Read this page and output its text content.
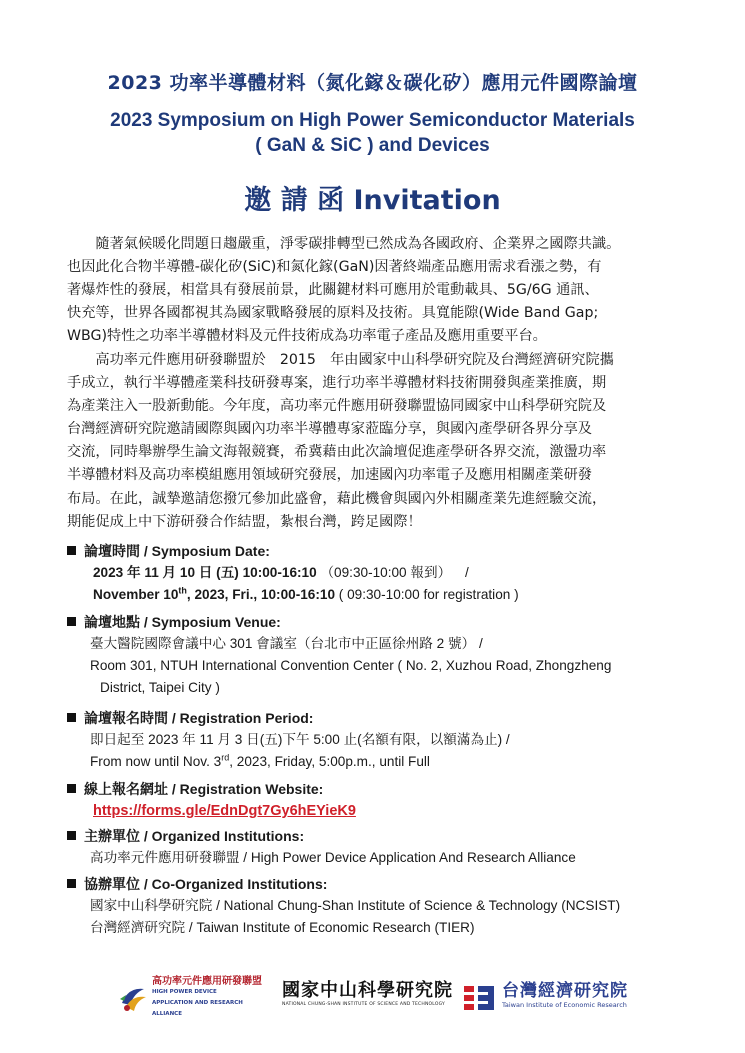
2023 功率半導體材料（氮化鎵＆碳化矽）應用元件國際論壇
2023 Symposium on High Power Semiconductor Materials
( GaN & SiC ) and Devices
邀 請 函 Invitation
　　隨著氣候暖化問題日趨嚴重，淨零碳排轉型已然成為各國政府、企業界之國際共識。
也因此化合物半導體-碳化矽(SiC)和氮化鎵(GaN)因著終端產品應用需求看漲之勢，有
著爆炸性的發展，相當具有發展前景，此關鍵材料可應用於電動載具、5G/6G 通訊、
快充等，世界各國都視其為國家戰略發展的原料及技術。具寬能隙(Wide Band Gap;
WBG)特性之功率半導體材料及元件技術成為功率電子產品及應用重要平台。
　　高功率元件應用研發聯盟於　2015　年由國家中山科學研究院及台灣經濟研究院攜
手成立，執行半導體產業科技研發專案，進行功率半導體材料技術開發與產業推廣，期
為產業注入一股新動能。今年度，高功率元件應用研發聯盟協同國家中山科學研究院及
台灣經濟研究院邀請國際與國內功率半導體專家蒞臨分享，與國內產學研各界分享及
交流，同時舉辦學生論文海報競賽，希冀藉由此次論壇促進產學研各界交流，激盪功率
半導體材料及高功率模組應用領域研究發展，加速國內功率電子及應用相關產業研發
布局。在此，誠摯邀請您撥冗參加此盛會，藉此機會與國內外相關產業先進經驗交流，
期能促成上中下游研發合作結盟，紮根台灣，跨足國際！
論壇時間 / Symposium Date:
2023 年 11 月 10 日 (五) 10:00-16:10 （09:30-10:00 報到） /
November 10th, 2023, Fri., 10:00-16:10 ( 09:30-10:00 for registration )
論壇地點 / Symposium Venue:
臺大醫院國際會議中心 301 會議室（台北市中正區徐州路 2 號） /
Room 301, NTUH International Convention Center ( No. 2, Xuzhou Road, Zhongzheng
District, Taipei City )
論壇報名時間 / Registration Period:
即日起至 2023 年 11 月 3 日(五)下午 5:00 止(名額有限，以額滿為止) /
From now until Nov. 3rd, 2023, Friday, 5:00p.m., until Full
線上報名網址 / Registration Website:
https://forms.gle/EdnDgt7Gy6hEYieK9
主辦單位 / Organized Institutions:
高功率元件應用研發聯盟 / High Power Device Application And Research Alliance
協辦單位 / Co-Organized Institutions:
國家中山科學研究院 / National Chung-Shan Institute of Science & Technology (NCSIST)
台灣經濟研究院 / Taiwan Institute of Economic Research (TIER)
高功率元件應用研發聯盟
HIGH POWER DEVICE
APPLICATION AND RESEARCH ALLIANCE
國家中山科學研究院
NATIONAL CHUNG-SHAN INSTITUTE OF SCIENCE AND TECHNOLOGY
台灣經濟研究院
Taiwan Institute of Economic Research
